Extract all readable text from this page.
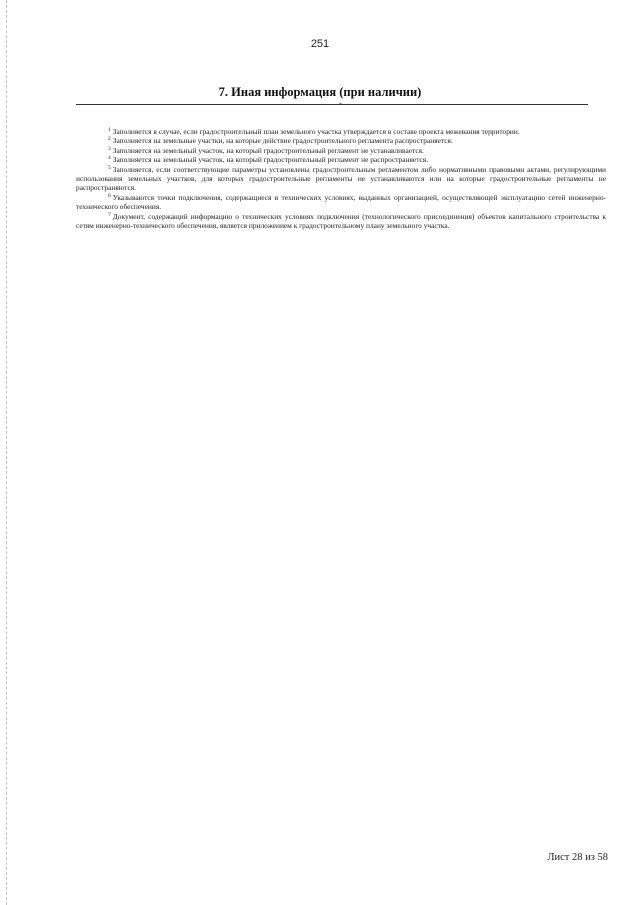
251
7. Иная информация (при наличии)
-

$^1$ Заполняется в случае, если градостроительный план земельного участка утверждается в составе проекта межевания территории.

$^2$ Заполняется на земельные участки, на которые действие градостроительного регламента распространяется.

$^3$ Заполняется на земельный участок, на который градостроительный регламент не устанавливается.

$^4$ Заполняется на земельный участок, на который градостроительный регламент не распространяется.

$^5$ Заполняется, если соответствующие параметры установлены градостроительным регламентом либо нормативными правовыми актами, регулирующими использования земельных участков, для которых градостроительные регламенты не устанавливаются или на которые градостроительные регламенты не распространяются.

$^6$ Указываются точки подключения, содержащиеся в технических условиях, выданных организацией, осуществляющей эксплуатацию сетей инженерно-технического обеспечения.

$^7$ Документ, содержащий информацию о технических условиях подключения (технологического присоединения) объектов капитального строительства к сетям инженерно-технического обеспечения, является приложением к градостроительному плану земельного участка.

Лист 28 из 58
